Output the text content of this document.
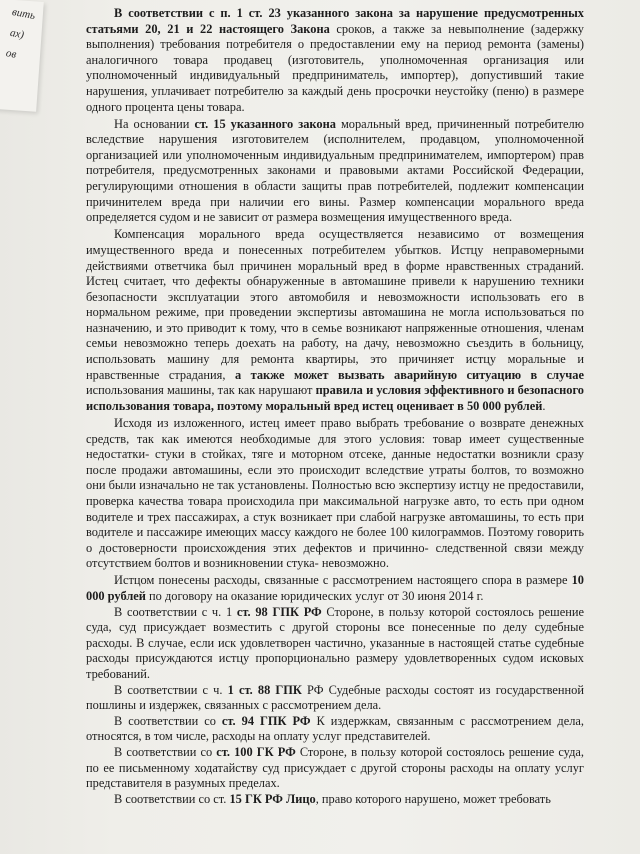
вить
ах)
ов

В соответствии с п. 1 ст. 23 указанного закона за нарушение предусмотренных статьями 20, 21 и 22 настоящего Закона сроков, а также за невыполнение (задержку выполнения) требования потребителя о предоставлении ему на период ремонта (замены) аналогичного товара продавец (изготовитель, уполномоченная организация или уполномоченный индивидуальный предприниматель, импортер), допустивший такие нарушения, уплачивает потребителю за каждый день просрочки неустойку (пеню) в размере одного процента цены товара.

На основании ст. 15 указанного закона моральный вред, причиненный потребителю вследствие нарушения изготовителем (исполнителем, продавцом, уполномоченной организацией или уполномоченным индивидуальным предпринимателем, импортером) прав потребителя, предусмотренных законами и правовыми актами Российской Федерации, регулирующими отношения в области защиты прав потребителей, подлежит компенсации причинителем вреда при наличии его вины. Размер компенсации морального вреда определяется судом и не зависит от размера возмещения имущественного вреда.

Компенсация морального вреда осуществляется независимо от возмещения имущественного вреда и понесенных потребителем убытков. Истцу неправомерными действиями ответчика был причинен моральный вред в форме нравственных страданий. Истец считает, что дефекты обнаруженные в автомашине привели к нарушению техники безопасности эксплуатации этого автомобиля и невозможности использовать его в нормальном режиме, при проведении экспертизы автомашина не могла использоваться по назначению, и это приводит к тому, что в семье возникают напряженные отношения, членам семьи невозможно теперь доехать на работу, на дачу, невозможно съездить в больницу, использовать машину для ремонта квартиры, это причиняет истцу моральные и нравственные страдания, а также может вызвать аварийную ситуацию в случае использования машины, так как нарушают правила и условия эффективного и безопасного использования товара, поэтому моральный вред истец оценивает в 50 000 рублей.

Исходя из изложенного, истец имеет право выбрать требование о возврате денежных средств, так как имеются необходимые для этого условия: товар имеет существенные недостатки- стуки в стойках, тяге и моторном отсеке, данные недостатки возникли сразу после продажи автомашины, если это происходит вследствие утраты болтов, то возможно они были изначально не так установлены. Полностью всю экспертизу истцу не предоставили, проверка качества товара происходила при максимальной нагрузке авто, то есть при одном водителе и трех пассажирах, а стук возникает при слабой нагрузке автомашины, то есть при водителе и пассажире имеющих массу каждого не более 100 килограммов. Поэтому говорить о достоверности происхождения этих дефектов и причинно- следственной связи между отсутствием болтов и возникновении стука- невозможно.

Истцом понесены расходы, связанные с рассмотрением настоящего спора в размере 10 000 рублей по договору на оказание юридических услуг от 30 июня 2014 г.

В соответствии с ч. 1 ст. 98 ГПК РФ Стороне, в пользу которой состоялось решение суда, суд присуждает возместить с другой стороны все понесенные по делу судебные расходы. В случае, если иск удовлетворен частично, указанные в настоящей статье судебные расходы присуждаются истцу пропорционально размеру удовлетворенных судом исковых требований.

В соответствии с ч. 1 ст. 88 ГПК РФ Судебные расходы состоят из государственной пошлины и издержек, связанных с рассмотрением дела.

В соответствии со ст. 94 ГПК РФ К издержкам, связанным с рассмотрением дела, относятся, в том числе, расходы на оплату услуг представителей.

В соответствии со ст. 100 ГК РФ Стороне, в пользу которой состоялось решение суда, по ее письменному ходатайству суд присуждает с другой стороны расходы на оплату услуг представителя в разумных пределах.

В соответствии со ст. 15 ГК РФ Лицо, право которого нарушено, может требовать
